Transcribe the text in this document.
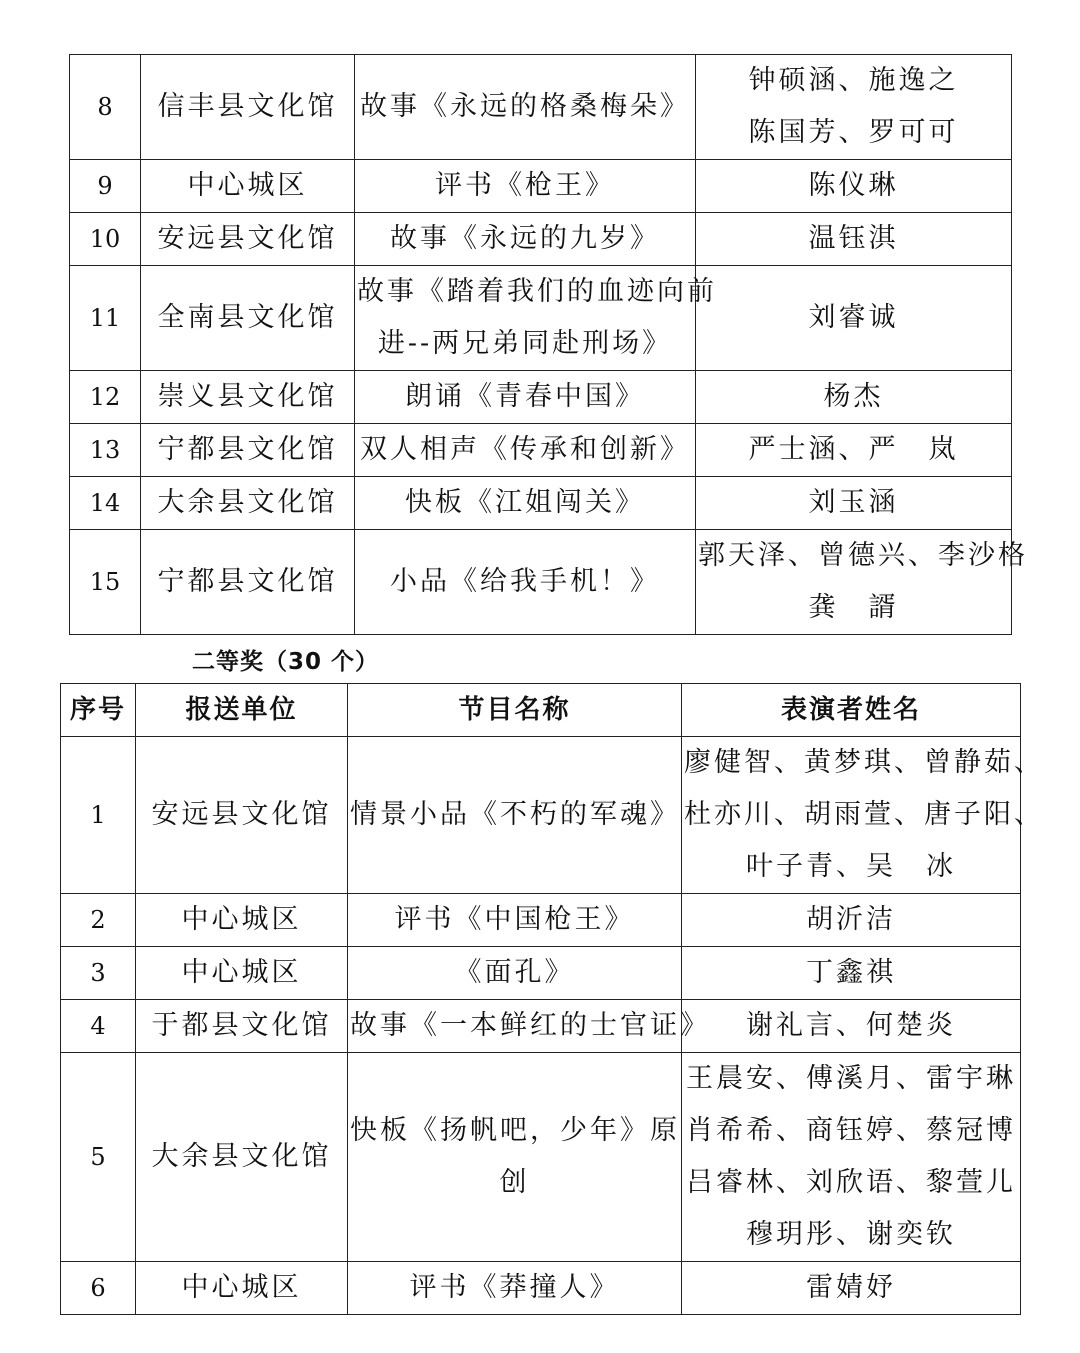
8	信丰县文化馆	故事《永远的格桑梅朵》	钟硕涵、施逸之
陈国芳、罗可可

9	中心城区	评书《枪王》	陈仪琳

10	安远县文化馆	故事《永远的九岁》	温钰淇

11	全南县文化馆	故事《踏着我们的血迹向前
进--两兄弟同赴刑场》	刘睿诚

12	崇义县文化馆	朗诵《青春中国》	杨杰

13	宁都县文化馆	双人相声《传承和创新》	严士涵、严　岚

14	大余县文化馆	快板《江姐闯关》	刘玉涵

15	宁都县文化馆	小品《给我手机！》	郭天泽、曾德兴、李沙格
龚　諝
二等奖（30 个）
序号	报送单位	节目名称	表演者姓名
1	安远县文化馆	情景小品《不朽的军魂》	廖健智、黄梦琪、曾静茹、
杜亦川、胡雨萱、唐子阳、
叶子青、吴　冰

2	中心城区	评书《中国枪王》	胡沂洁

3	中心城区	《面孔》	丁鑫祺

4	于都县文化馆	故事《一本鲜红的士官证》	谢礼言、何楚炎

5	大余县文化馆	快板《扬帆吧，少年》原
创	王晨安、傅溪月、雷宇琳
肖希希、商钰婷、蔡冠博
吕睿林、刘欣语、黎萱儿
穆玥彤、谢奕钦

6	中心城区	评书《莽撞人》	雷婧妤
